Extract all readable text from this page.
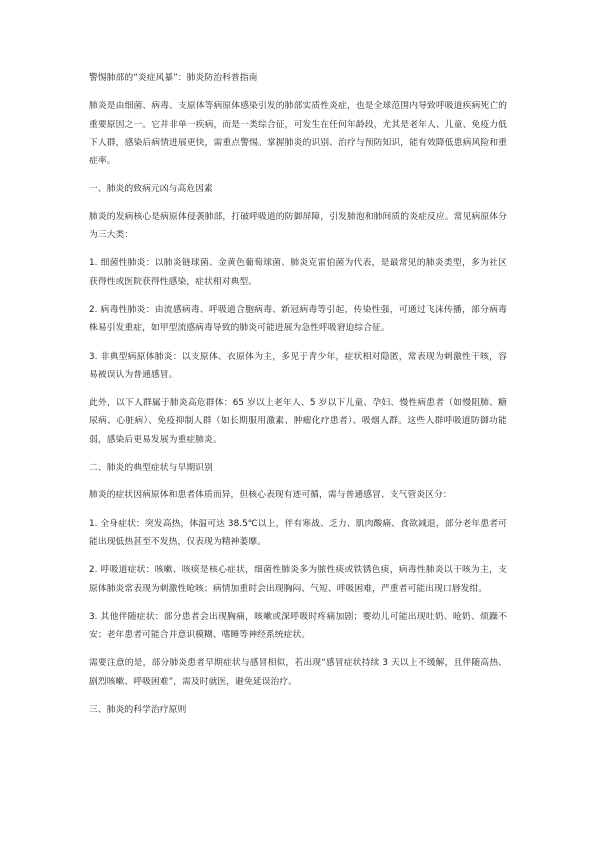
警惕肺部的“炎症风暴”：肺炎防治科普指南

肺炎是由细菌、病毒、支原体等病原体感染引发的肺部实质性炎症，也是全球范围内导致呼吸道疾病死亡的重要原因之一。它并非单一疾病，而是一类综合征，可发生在任何年龄段，尤其是老年人、儿童、免疫力低下人群，感染后病情进展更快，需重点警惕。掌握肺炎的识别、治疗与预防知识，能有效降低患病风险和重症率。

一、肺炎的致病元凶与高危因素

肺炎的发病核心是病原体侵袭肺部，打破呼吸道的防御屏障，引发肺泡和肺间质的炎症反应。常见病原体分为三大类：

1. 细菌性肺炎：以肺炎链球菌、金黄色葡萄球菌、肺炎克雷伯菌为代表，是最常见的肺炎类型，多为社区获得性或医院获得性感染，症状相对典型。

2. 病毒性肺炎：由流感病毒、呼吸道合胞病毒、新冠病毒等引起，传染性强，可通过飞沫传播，部分病毒株易引发重症，如甲型流感病毒导致的肺炎可能进展为急性呼吸窘迫综合征。

3. 非典型病原体肺炎：以支原体、衣原体为主，多见于青少年，症状相对隐匿，常表现为刺激性干咳，容易被误认为普通感冒。

此外，以下人群属于肺炎高危群体：65 岁以上老年人、5 岁以下儿童、孕妇、慢性病患者（如慢阻肺、糖尿病、心脏病）、免疫抑制人群（如长期服用激素、肿瘤化疗患者）、吸烟人群。这些人群呼吸道防御功能弱，感染后更易发展为重症肺炎。

二、肺炎的典型症状与早期识别

肺炎的症状因病原体和患者体质而异，但核心表现有迹可循，需与普通感冒、支气管炎区分：

1. 全身症状：突发高热，体温可达 38.5℃以上，伴有寒战、乏力、肌肉酸痛、食欲减退，部分老年患者可能出现低热甚至不发热，仅表现为精神萎靡。

2. 呼吸道症状：咳嗽、咳痰是核心症状，细菌性肺炎多为脓性痰或铁锈色痰，病毒性肺炎以干咳为主，支原体肺炎常表现为刺激性呛咳；病情加重时会出现胸闷、气短、呼吸困难，严重者可能出现口唇发绀。

3. 其他伴随症状：部分患者会出现胸痛，咳嗽或深呼吸时疼痛加剧；婴幼儿可能出现吐奶、呛奶、烦躁不安；老年患者可能合并意识模糊、嗜睡等神经系统症状。

需要注意的是，部分肺炎患者早期症状与感冒相似，若出现“感冒症状持续 3 天以上不缓解，且伴随高热、剧烈咳嗽、呼吸困难”，需及时就医，避免延误治疗。

三、肺炎的科学治疗原则
